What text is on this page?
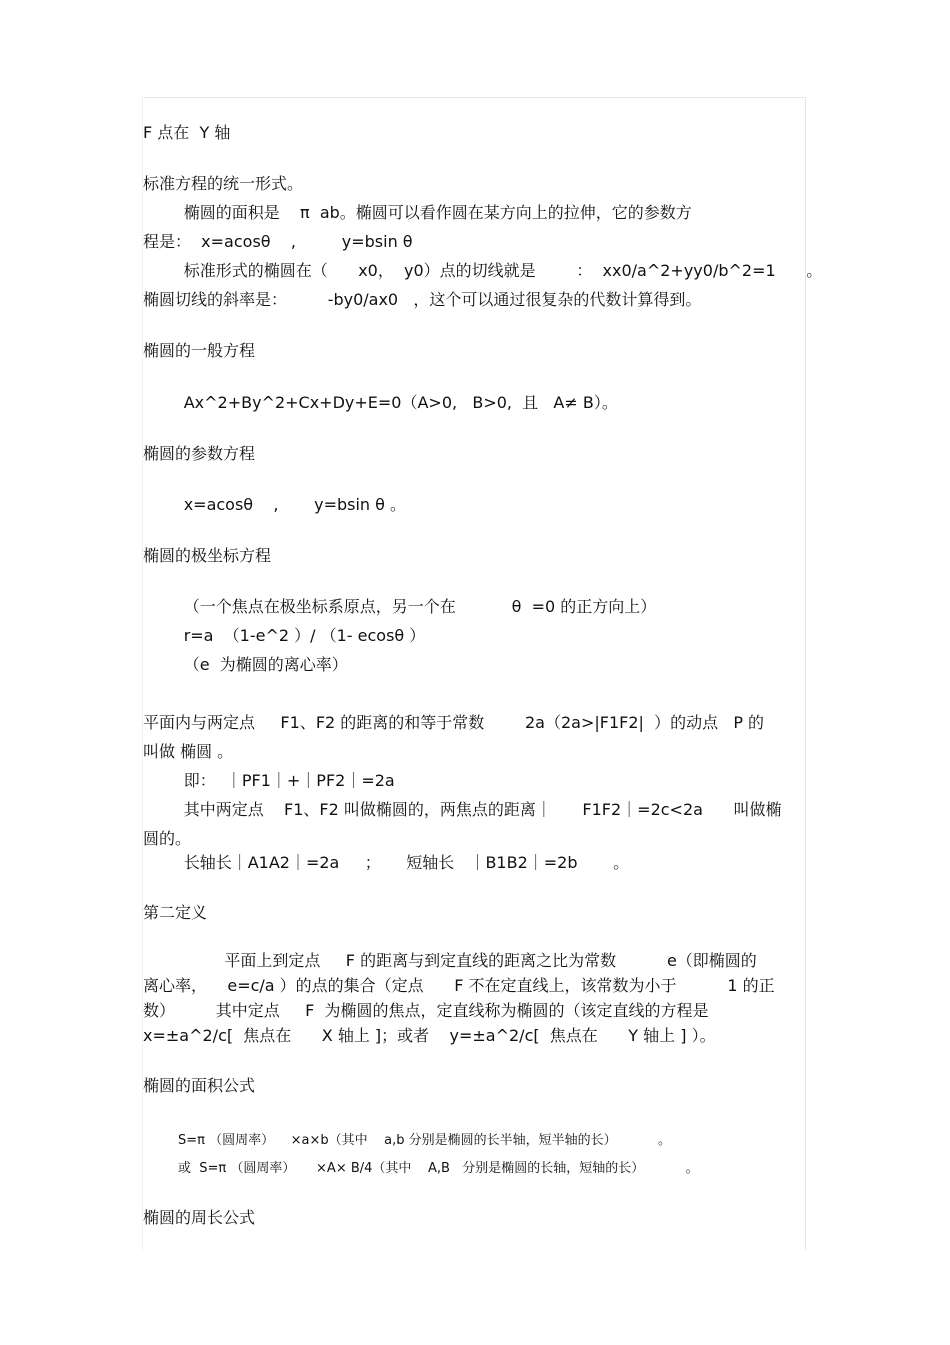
F 点在  Y 轴
标准方程的统一形式。
椭圆的面积是    π  ab。椭圆可以看作圆在某方向上的拉伸，它的参数方
程是：  x=acosθ    ,         y=bsin θ
标准形式的椭圆在（      x0，  y0）点的切线就是        ：  xx0/a^2+yy0/b^2=1      。
椭圆切线的斜率是：        -by0/ax0   ，这个可以通过很复杂的代数计算得到。
椭圆的一般方程
Ax^2+By^2+Cx+Dy+E=0（A>0,   B>0,  且   A≠ B）。
椭圆的参数方程
x=acosθ    ,       y=bsin θ 。
椭圆的极坐标方程
（一个焦点在极坐标系原点，另一个在           θ  =0 的正方向上）
r=a  （1-e^2 ）/ （1- ecosθ ）
（e  为椭圆的离心率）
平面内与两定点     F1、F2 的距离的和等于常数        2a（2a>|F1F2|  ）的动点   P 的
叫做 椭圆 。
即：  ｜PF1｜+｜PF2｜=2a
其中两定点    F1、F2 叫做椭圆的，两焦点的距离｜      F1F2｜=2c<2a      叫做椭
圆的。
长轴长｜A1A2｜=2a     ；     短轴长   ｜B1B2｜=2b       。
第二定义
平面上到定点     F 的距离与到定直线的距离之比为常数          e（即椭圆的
离心率，    e=c/a ）的点的集合（定点      F 不在定直线上，该常数为小于          1 的正
数）        其中定点     F  为椭圆的焦点，定直线称为椭圆的（该定直线的方程是
x=±a^2/c[  焦点在      X 轴上 ]；或者    y=±a^2/c[  焦点在      Y 轴上 ] ）。
椭圆的面积公式
椭圆的周长公式
S=π （圆周率）    ×a×b（其中    a,b 分别是椭圆的长半轴，短半轴的长）          。
或  S=π （圆周率）     ×A× B/4（其中    A,B   分别是椭圆的长轴，短轴的长）          。
